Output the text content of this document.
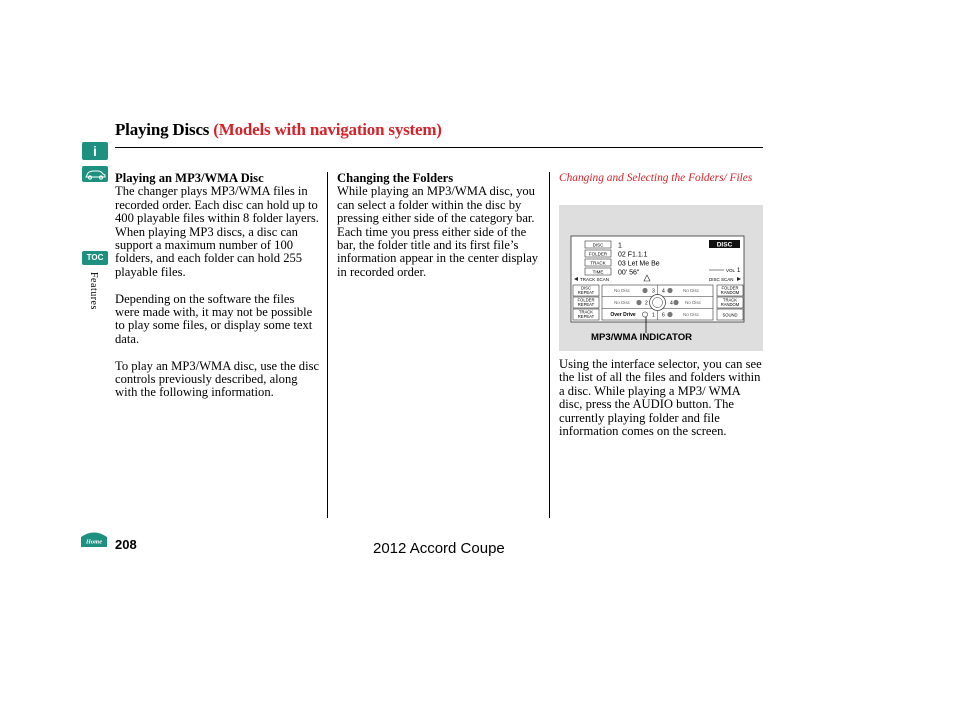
Playing Discs (Models with navigation system)
i
TOC
Features
Home
Playing an MP3/WMA Disc

The changer plays MP3/WMA files in recorded order. Each disc can hold up to 400 playable files within 8 folder layers. When playing MP3 discs, a disc can support a maximum number of 100 folders, and each folder can hold 255 playable files.

Depending on the software the files were made with, it may not be possible to play some files, or display some text data.

To play an MP3/WMA disc, use the disc controls previously described, along with the following information.

Changing the Folders

While playing an MP3/WMA disc, you can select a folder within the disc by pressing either side of the category bar. Each time you press either side of the bar, the folder title and its first file’s information appear in the center display in recorded order.

Changing and Selecting the Folders/ Files
DISC
FOLDER
TRACK
TIME
1
02 F1.1.1
03 Let Me Be
00' 56"
DISC
VOL 1
TRACK SCAN	DISC SCAN
DISC
REPEAT
FOLDER
REPEAT
TRACK
REPEAT
FOLDER
RANDOM
TRACK
RANDOM
SOUND
No Disc	3 4	No Disc
No Disc	2	4	No Disc
Over Drive	1 6	No Disc
MP3/WMA INDICATOR
Using the interface selector, you can see the list of all the files and folders within a disc. While playing a MP3/ WMA disc, press the AUDIO button. The currently playing folder and file information comes on the screen.
208	2012 Accord Coupe
